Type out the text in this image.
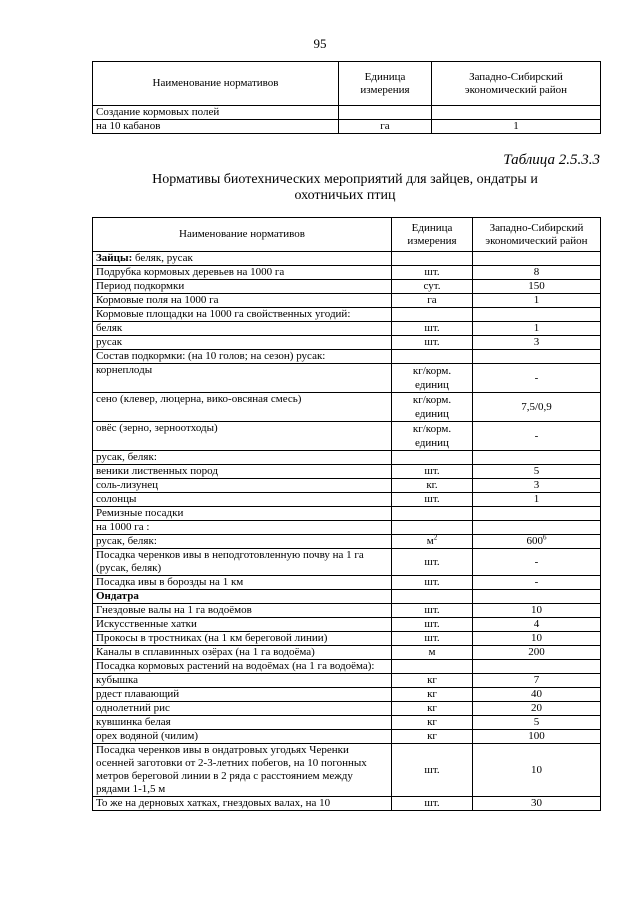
95
Наименование нормативов	Единица измерения	Западно-Сибирский экономический район
Создание кормовых полей		
на 10 кабанов	га	1
Таблица 2.5.3.3
Нормативы биотехнических мероприятий для зайцев, ондатры и охотничьих птиц
Наименование нормативов	Единица измерения	Западно-Сибирский экономический район
Зайцы: беляк, русак		
Подрубка кормовых деревьев на 1000 га	шт.	8
Период подкормки	сут.	150
Кормовые поля на 1000 га	га	1
Кормовые площадки на 1000 га свойственных угодий:		
беляк	шт.	1
русак	шт.	3
Состав подкормки: (на 10 голов; на сезон) русак:		
корнеплоды	кг/корм. единиц	-
сено (клевер, люцерна, вико-овсяная смесь)	кг/корм. единиц	7,5/0,9
овёс (зерно, зерноотходы)	кг/корм. единиц	-
русак, беляк:		
веники лиственных пород	шт.	5
соль-лизунец	кг.	3
солонцы	шт.	1
Ремизные посадки		
на 1000 га :		
русак, беляк:	$м^2$	$600^6$
Посадка черенков ивы в неподготовленную почву на 1 га (русак, беляк)	шт.	-
Посадка ивы в борозды на 1 км	шт.	-
Ондатра		
Гнездовые валы на 1 га водоёмов	шт.	10
Искусственные хатки	шт.	4
Прокосы в тростниках (на 1 км береговой линии)	шт.	10
Каналы в сплавинных озёрах (на 1 га водоёма)	м	200
Посадка кормовых растений на водоёмах (на 1 га водоёма):		
кубышка	кг	7
рдест плавающий	кг	40
однолетний рис	кг	20
кувшинка белая	кг	5
орех водяной (чилим)	кг	100
Посадка черенков ивы в ондатровых угодьях Черенки осенней заготовки от 2-3-летних побегов, на 10 погонных метров береговой линии в 2 ряда с расстоянием между рядами 1-1,5 м	шт.	10
То же на дерновых хатках, гнездовых валах, на 10	шт.	30
